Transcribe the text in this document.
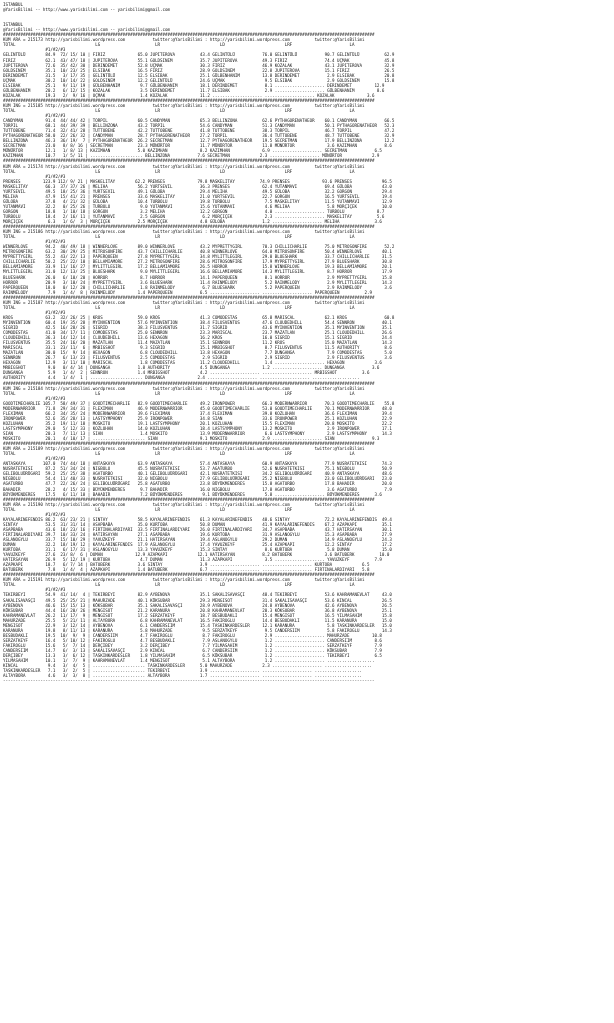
ISTANBUL
@YarisBilimi -- http://www.yarisbilimi.com -- yarisbilimi@gmail.com

ISTANBUL
@YarisBilimi -- http://www.yarisbilimi.com -- yarisbilimi@gmail.com
#####################################################################################################################################################
KUM ARA = 215173 http://yarisbilimi.wordpress.com           twitter:@YarisBilimi : http://yarisbilimi.wordpress.com          twitter:@YarisBilimi
TOTAL                                LG                      LR                        LD                        LRF                       LA
#1/#2/#3
GELINTÜLÜ        84.9  72/ 15/ 10 | FIRIZ             65.0 JUPITEROVA          43.4 GELINTÜLÜ           76.0 GELINTÜLÜ           90.7 GELINTÜLÜ          62.9
FIRIZ            62.1  43/ 47/ 18 | JUPITEROVA        55.1 GOLDSINEM           35.7 JUPITEROVA          49.3 FIRIZ               74.4 UÇMAK              45.8
JUPITEROVA       72.6  35/ 42/ 30 | DERINDEMET        52.8 UÇMAK               30.3 FIRIZ               46.9 KOZALAK             43.1 JUPITEROVA         32.9
GOLDSINEM        35.1  10/ 23/ 25 | ELSIBAK           16.5 FIRIZ               28.9 GOLDSINEM           22.8 JUPITEROVA          15.1 FIRIZ              26.5
DERINDEMET       31.5   3/ 17/ 35 | GELINTÜLÜ         12.5 ELSIBAK             25.1 GÜLBENHANIM         13.8 DERINDEMET           2.9 ELSIBAK            20.8
UÇMAK            30.2  10/ 14/ 22 | GOLDSINEM         12.2 GELINTÜLÜ           24.6 UÇMAK                9.5 ELSIBAK              2.9 GOLDSINEM          15.8
ELSIBAK          25.1   9/ 11/ 19 | GÜLBENHANIM        9.7 GÜLBENHANIM         18.1 DERINDEMET           8.1 .................... DERINDEMET         12.9
GÜLBENHANIM      20.2   6/ 12/ 15 | KOZALAK            3.5 DERINDEMET          11.7 ELSIBAK              2.9 .................... GÜLBENHANIM         8.6
KOZALAK          19.3   2/  9/ 16 | UÇMAK              1.4 KOZALAK             11.2 .................... .................... KOZALAK             3.6
#####################################################################################################################################################
KUM ING = 215185 http://yarisbilimi.wordpress.com           twitter:@YarisBilimi : http://yarisbilimi.wordpress.com          twitter:@YarisBilimi
TOTAL                                LG                      LR                        LD                        LRF                       LA
#1/#2/#3
CANDYMAN         91.4  44/ 44/ 42 | TORPIL            60.5 CANDYMAN            65.3 BELLINZONA          62.6 PYTHAGORENATHEOR    60.1 CANDYMAN           66.5
TORPIL           68.1  44/ 39/ 39 | BELLINZONA        43.2 TORPIL              54.6 CANDYMAN            51.3 CANDYMAN            50.1 PYTHAGORENATHEOR   52.3
TUTTOBENE        71.4  32/ 41/ 28 | TUTTOBENE         42.2 TUTTOBENE           41.8 TUTTOBENE           38.3 TORPIL              46.7 TORPIL             47.2
PYTHAGORENATHEOR 58.0  22/ 26/ 32 | CANDYMAN          28.7 PYTHAGORENATHEOR    27.2 TORPIL              36.4 TUTTOBENE           48.7 TUTTOBENE          32.9
BELLINZONA       46.3  36/ 19/  7 | PYTHAGORENATHEOR  26.2 SECRETMAN           12.7 PYTHAGORENATHEOR    19.5 SECRETMAN           17.9 BELLINZONA         12.2
SECRETMAN        23.0   8/ 8/ 16 | SECRETMAN          23.3 MÜNÜRTOR            11.7 MÜNÜRTOR            11.8 MÜNÜRTOR             3.6 KAZIMHAN           8.6
MÜNÜRTOR         12.1   1/ 8/ 13 | KAZIMHAN           5.0 KAZIMHAN             8.2 KAZIMHAN             6.9 .................... SECRETMAN           6.5
KAZIMHAN         10.7   1/ 5/ 11 | ..................... BELLINZONA           7.6 SECRETMAN            2.3 .................... MÜNÜRTOR            2.9
#####################################################################################################################################################
KUM ARA = 215174 http://yarisbilimi.wordpress.com           twitter:@YarisBilimi : http://yarisbilimi.wordpress.com          twitter:@YarisBilimi
TOTAL                                LG                      LR                        LD                        LRF                       LA
#1/#2/#3
PRENSES         123.9 112/ 9/ 21 | MASKELITAY        62.2 PRENSES             79.8 MASKELITAY          74.9 PRENSES             93.6 PRENSES            96.5
MASKELITAY       66.3  37/ 37/ 26 | MELIHA            56.2 YURTSEVIL           36.3 PRENSES             62.4 YUTANMAVI           69.4 GÜLOBA            43.0
YURTSEVIL        49.5  18/ 25/ 36 | YURTSEVIL         49.1 GÜLOBA              29.4 MELIHA              49.5 GÜLOBA              32.2 GORGON            29.4
MELIHA           47.9  15/ 41/ 21 | PRENSES           33.6 MASKELITAY          21.0 YURTSEVIL           22.7 GORGON              16.5 YURTSEVIL         19.4
GÜLOBA           37.8   4/ 21/ 32 | GÜLOBA            10.4 TURBOLU             19.8 TURBOLU              7.5 MASKELITAY          11.5 YUTANMAVI         12.9
YUTANMAVI        32.2   0/ 25/ 26 | TURBOLU            9.0 YUTANMAVI           15.6 YUTANMAVI            4.6 MELIHA               5.8 MORÇIÇEK          10.0
GORGON           18.8   1/ 10/ 18 | GORGON             3.2 MELIHA              12.2 GORGON               4.0 .................... TURBOLU             8.7
TURBOLU          18.4   2/ 16/ 11 | YUTANMAVI          2.5 GORGON               6.2 MORÇIÇEK             2.3 .................... MASKELITAY          5.6
MORÇIÇEK          6.3   1/ 6/  3 | MORÇIÇEK           2.5 MORÇIÇEK             4.8 GÜLOBA               1.2 .................... MELIHA              3.6
#####################################################################################################################################################
KUM ING = 215186 http://yarisbilimi.wordpress.com           twitter:@YarisBilimi : http://yarisbilimi.wordpress.com          twitter:@YarisBilimi
TOTAL                                LG                      LR                        LD                        LRF                       LA
#1/#2/#3
WINNERLOVE       94.2  40/ 49/ 18 | WINNERLOVE        89.0 WINNERLOVE          43.2 MYPRETTYGIRL        70.3 CHILLICHARLIE       75.0 MITROSONFIRE       52.2
MITROSONFIRE     63.2  30/ 29/ 25 | MITROSONFIRE      43.7 CHILLICHARLIE       40.8 WINNERLOVE          64.0 MITROSONFIRE        50.4 WINNERLOVE        40.1
MYPRETTYGIRL     55.2  43/ 22/ 13 | PAPERQUEEN        27.8 MYPRETTYGIRL        34.8 MYLITTLEGIRL        29.0 BLUESHARK           33.7 CHILLICHARLIE     31.5
CHILLICHARLIE    50.2  25/ 22/ 10 | BELLAMIAMORE      27.2 MITROSONFIRE        28.6 MITROSONFIRE        17.9 MYPRETTYGIRL        27.9 BLUESHARK         30.8
BELLAMIAMORE     33.9  11/ 16/ 27 | MYLITTLEGIRL      17.2 BELLAMIAMORE        26.5 HORROR              15.8 WINNERLOVE          19.3 BELLAMIAMORE      20.1
MYLITTLEGIRL     31.0  12/ 13/ 25 | BLUESHARK          9.0 MYLITTLEGIRL        16.6 BELLAMIAMORE        14.3 MYLITTLEGIRL         8.7 HORROR            17.9
BLUESHARK        26.0   6/ 10/ 20 | HORROR             8.7 HORROR              14.1 PAPERQUEEN           8.1 HORROR               2.9 MYPRETTYGIRL      15.8
HORROR           20.9   3/ 10/ 24 | MYPRETTYGIRL       3.6 BLUESHARK           11.4 RAINMELODY           5.2 RAINMELODY           2.9 MYLITTLEGIRL      14.3
PAPERQUEEN       18.0   0/ 12/ 20 | CHILLICHARLIE      1.8 RAINMELODY           6.7 BLUESHARK            5.2 PAPERQUEEN           2.9 RAINMELODY         3.6
RAINMELODY        7.9   1/ 4/  8 | RAINMELODY         1.4 PAPERQUEEN           6.5 .................... .................... PAPERQUEEN          2.9
#####################################################################################################################################################
KUM ING = 215187 http://yarisbilimi.wordpress.com           twitter:@YarisBilimi : http://yarisbilimi.wordpress.com          twitter:@YarisBilimi
TOTAL                                LG                      LR                        LD                        LRF                       LA
#1/#2/#3
KROS             63.2  32/ 26/ 25 | KROS              59.0 KROS                41.3 COMODESTAS          65.8 MARISCAL            62.1 KROS               60.8
MYINVENTION      60.4  19/ 35/ 28 | MYINVENTION       57.6 MYINVENTION         38.4 FILUSVENTUS         47.6 CLOUDEDHILL         54.4 SENNRON           40.1
SIGRID           42.5  16/ 28/ 26 | SIGRID            38.3 FILUSVENTUS         31.7 SIGRID              43.6 MYINVENTION         35.1 MYINVENTION       35.1
COMODESTAS       41.0  34/ 17/ 11 | COMODESTAS        25.0 SENNRON             23.3 MARISCAL            23.7 MAZATLAN            25.1 CLOUDEDHILL       26.6
CLOUDEDHILL      36.3  14/ 12/ 14 | CLOUDEDHILL       13.6 HEXAGON             16.2 KROS                16.0 SIGRID              15.1 SIGRID            24.4
FILUSVENTUS      35.5  24/ 16/ 20 | MAZATLAN          11.4 MAZATLAN            15.1 SENNRON             11.2 KROS                15.0 MAZATLAN          14.3
MARISCAL         33.1  23/ 11/  6 | MRBIGSHOT          9.3 SIGRID              15.1 MRBIGSHOT            8.7 FILUSVENTUS         11.5 AUTHORITY          8.6
MAZATLAN         30.0  15/  9/ 14 | HEXAGON            6.8 CLOUDEDHILL         13.8 HEXAGON              7.7 DUNGANGA             7.9 COMODESTAS         5.0
SENNRON          26.7   6/ 13/ 23 | FILUSVENTUS        2.5 COMODESTAS           2.9 SIGRID               2.9 SIGRID               2.9 FILUSVENTUS        3.6
HEXAGON          12.9   3/ 11/ 10 | MARISCAL           1.8 COMODESTAS          11.2 CLOUDEDHILL          1.4 .................... HEXAGON            3.6
MRBIGSHOT         9.0   0/ 4/ 14 | DUNGANGA           1.8 AUTHORITY            4.5 DUNGANGA             1.2 .................... DUNGANGA           3.6
DUNGANGA          5.9   1/ 4/  2 | SENNRON            1.4 MRBIGSHOT            4.2 .................... .................... MRBIGSHOT          3.6
AUTHORITY         4.4   1/ 4/  1 | ..................... DUNGANGA             2.4 .................... .................... ...................
#####################################################################################################################################################
KUM ING = 215184 http://yarisbilimi.wordpress.com           twitter:@YarisBilimi : http://yarisbilimi.wordpress.com          twitter:@YarisBilimi
TOTAL                                LG                      LR                        LD                        LRF                       LA
#1/#2/#3
GOODTIMECHARLIE 105.7  58/ 49/ 37 | GOODTIMECHARLIE   82.9 GOODTIMECHARLIE     49.2 IRONPOWER           66.3 MODERNWARRIOR       70.3 GOODTIMECHARLIE    55.8
MODERNWARRIOR    71.8  29/ 34/ 31 | FLEXIMAN          46.9 MODERNWARRIOR       45.0 GOODTIMECHARLIE     53.0 GOODTIMECHARLIE     70.1 MODERNWARRIOR     48.0
FLEXIMAN         66.2  34/ 35/ 24 | MODERNWARRIOR     39.6 FLEXIMAN            37.4 FLEXIMAN            39.8 KOZLUHAN            36.6 FLEXIMAN          39.4
IRONPOWER        52.6  35/ 28/ 13 | LASTSYMPHONY      25.9 IRONPOWER           34.8 SIAN                33.6 IRONPOWER           25.1 KOZLUHAN          22.9
KOZLUHAN         35.2  19/ 11/ 18 | MOSKITO           19.1 LASTSYMPHONY        20.1 KOZLUHAN            15.5 FLEXIMAN            20.8 MOSKITO           22.2
LASTSYMPHONY     29.0   5/ 12/ 33 | KOZLUHAN          14.0 KOZLUHAN            18.4 LASTSYMPHONY        13.2 MOSKITO              2.9 IRONPOWER         17.1
SIAN             20.3   7/ 11/ 13 | SIAN               1.4 MOSKITO             13.9 MODERNWARRIOR        6.6 LASTSYMPHONY         2.9 LASTSYMPHONY      14.3
MOSKITO          20.1   4/ 10/ 17 | ..................... SIAN                 9.1 MOSKITO              2.9 .................... SIAN               9.3
#####################################################################################################################################################
KUM ARA = 215189 http://yarisbilimi.wordpress.com           twitter:@YarisBilimi : http://yarisbilimi.wordpress.com          twitter:@YarisBilimi
TOTAL                                LG                      LR                        LD                        LRF                       LA
#1/#2/#3
ANTASKAYA       107.0  74/ 44/ 18 | ANTASKAYA         63.9 ANTASKAYA           57.4 ANTASKAYA           60.9 ANTASKAYA           77.9 NUSRATETKISI      74.3
NUSRATETKISI     87.2  51/ 34/ 24 | NIGBOLU           45.5 NUSRATETKISI        53.7 AGATURBO            52.6 NUSRATETKISI        75.1 NIGBOLU           50.9
GELIBOLUÜRÜGARI  59.2  25/ 25/ 38 | AGATURBO          40.1 GELIBOLUÜRÜGARI     42.1 NUSRATETKISI        34.2 GELIBOLUÜRÜGARI     40.9 ANTASKAYA         48.6
NIGBOLU          54.4  11/ 40/ 33 | NUSRATETKISI      32.0 NIGBOLU             27.9 GELIBOLUÜRÜGARI     25.2 NIGBOLU             23.0 GELIBOLUÜRÜGARI   23.0
AGATURBO         47.7  22/ 26/ 24 | GELIBOLUÜRÜGARI   25.8 AGATURBO            23.8 BÜYÜKMENDERES       15.8 AGATURBO            17.8 BAHADIR           20.0
BAHADIR          28.2   4/ 15/ 33 | BÜYÜKMENDERES      9.7 BAHADIR             16.0 NIGBOLU             17.8 AGATURBO             3.6 AGATURBO           7.9
BÜYÜKMENDERES    17.5   6/ 11/ 18 | BAHADIR            7.2 BÜYÜKMENDERES        9.1 BÜYÜKMENDERES        5.8 .................... BÜYÜKMENDERES      3.6
#####################################################################################################################################################
KUM ARA = 215190 http://yarisbilimi.wordpress.com           twitter:@YarisBilimi : http://yarisbilimi.wordpress.com          twitter:@YarisBilimi
TOTAL                                LG                      LR                        LD                        LRF                       LA
#1/#2/#3
KAYALARINEFENDIS 86.2  63/ 23/ 21 | SINTAY            58.5 KAYALARINEFENDIS    61.3 KAYALARINEFENDIS    48.6 SINTAY              72.2 KAYALARINEFENDIS  49.4
SINTAY           53.5  31/ 31/ 14 | ASAPBABA          35.0 KURTOBA             50.8 DUMAN               41.9 KAYALARINEFENDIS    67.2 AZAPKAPI          35.1
ASAPBABA         43.6  18/ 23/ 16 | FIRTINALARDIYARI  33.5 FIRTINALARDIYARI    26.0 FIRTINALARDIYARI    34.7 ASAPBABA            43.7 HATIRSAYAN        30.1
FIRTINALARDIYARI 39.7  10/ 33/ 24 | HATIRSAYAN        27.1 ASAPBABA            19.6 KURTOBA             31.9 ASLANOGYLU          15.3 ASAPBABA          27.9
ASLANOGYLU       33.7  15/ 10/ 29 | YAVUZKEYF         21.1 HATIRSAYAN          19.4 ASLANOGYLU          29.2 DUMAN               14.9 ASLANOGYLU        24.3
DUMAN            32.2  18/ 19/ 12 | KAYALARINEFENDIS  17.9 ASLANOGYLU          17.4 YAVUZKEYF           25.4 AZAPKAPI            12.2 SINTAY            17.2
KURTOBA          31.1   6/ 17/ 31 | ASLANOGYLU        13.3 YAVUZKEYF           15.3 SINTAY               8.6 KURTOBA              5.8 DUMAN             15.0
YAVUZKEYF        27.6  23/ 8/  6 | DUMAN             12.9 AZAPKAPI            12.1 HATIRSAYAN           8.2 BATUBERK             3.6 BATUBERK          10.0
HATIRSAYAN       26.9   5/ 12/ 19 | KURTOBA            4.7 DUMAN               11.3 AZAPKAPI             3.5 .................... YAVUZKEYF          7.9
AZAPKAPI         18.7   6/ 7/ 14 | BATUBERK           3.6 SINTAY               3.9 .................... .................... KURTOBA            6.5
BATUBERK          7.8   1/ 4/  4 | AZAPKAPI           1.4 BATUBERK             6.7 .................... .................... FIRTINALARDIYARI   5.8
#####################################################################################################################################################
KUM ARA = 215191 http://yarisbilimi.wordpress.com           twitter:@YarisBilimi : http://yarisbilimi.wordpress.com          twitter:@YarisBilimi
TOTAL                                LG                      LR                        LD                        LRF                       LA
#1/#2/#3
TEKIRBEYI        54.9  41/ 14/  4 | TEKIRBEYI         82.9 AYBENOVA            35.1 SAKALISAVASÇI       48.4 TEKIRBEYI           53.6 KAHRAMANEVLAT     43.0
SAKALISAVASÇI    49.5  25/ 25/ 21 | MAHURZADE         40.1 KÖKSUBAR            29.3 MENGISOT            31.4 SAKALISAVASÇI       53.6 KINCAL            26.5
AYBENOVA         46.6  15/ 15/ 13 | KÖKSUBAR          35.1 SAKALISAVASÇI       28.9 AYBENOVA            24.8 AYBENOVA            42.6 AYBENOVA          26.5
KÖKSUBAR         44.4  16/ 20/ 26 | MENGISOT          21.2 KARANURA            20.8 KAHRAMANEVLAT       20.3 KÖKSUBAR            36.8 AYBENOVA          25.1
KAHRAMANEVLAT    26.2  11/ 17/  9 | MENGISOT          17.2 SERZATKEYF          18.7 BESBUDAKLI          15.4 MENGISOT            16.5 YILMASAHIM        15.8
MAHURZADE        25.5   5/ 21/ 11 | ALTAYBORA          6.8 KAHRAMANEVLAT       16.5 FAKIROGLU           14.4 BESBUDAKLI          11.5 KARANURA          15.0
MENGISOT         22.9   3/ 12/ 14 | AYBENOVA           6.1 CANDERSIIM          15.4 TASKINKARDESLER     12.1 KARANURA             5.8 TASKINKARDESLER   15.0
KARANURA         19.8   8/ 11/ 13 | KARANURA           5.8 MAHURZADE            9.5 SERZATKEYF           9.5 CANDERSIIM           5.8 FAKIROGLU         14.3
BESBUDAKLI       19.5  10/  9/  9 | CANDERSIIM         4.7 FAKIROGLU            8.7 FAKIROGLU            2.9 .................... MAHURZADE         10.8
SERZATKEYF       16.4   5/ 10/ 12 | FAKIROGLU          4.7 BESBUDAKLI           7.9 ASLANOGYLU           1.2 .................... CANDERSIIM         8.6
FAKIROGLU        15.6   5/  7/ 14 | DERÇIBEY           3.2 DERÇIBEY             7.7 YILMASAHIM           1.2 .................... SERZATKEYF         7.9
CANDERSIIM       14.7   6/  3/ 13 | SAKALISAVASÇI      2.9 KINCAL               6.7 CANDERSIIM           1.2 .................... KÖKSUBAR           7.9
DERÇIBEY         13.3   3/  6/ 12 | TASKINKARDESLER    1.8 YILMASAHIM           6.5 KÖKSUBAR             1.2 .................... TEKIRBEYI          6.5
YILMASAHIM       10.1   1/  7/  9 | KAHRAMANEVLAT      1.4 MENGISOT             5.1 ALTAYBORA            1.2 .................... ...................
KINCAL            9.4   3/  4/  5 | ..................... TASKINKARDESLER      5.0 MAHURZADE            2.3 .................... ...................
TASKINKARDESLER   7.1   3/  2/  5 | ..................... TEKIRBEYI            3.9 .................... .................... ...................
ALTAYBORA         4.6   3/  3/  0 | ..................... ALTAYBORA            1.7 .................... .................... ...................
-----------------------------------------------------------------------------------------------------------------------------------------------------
